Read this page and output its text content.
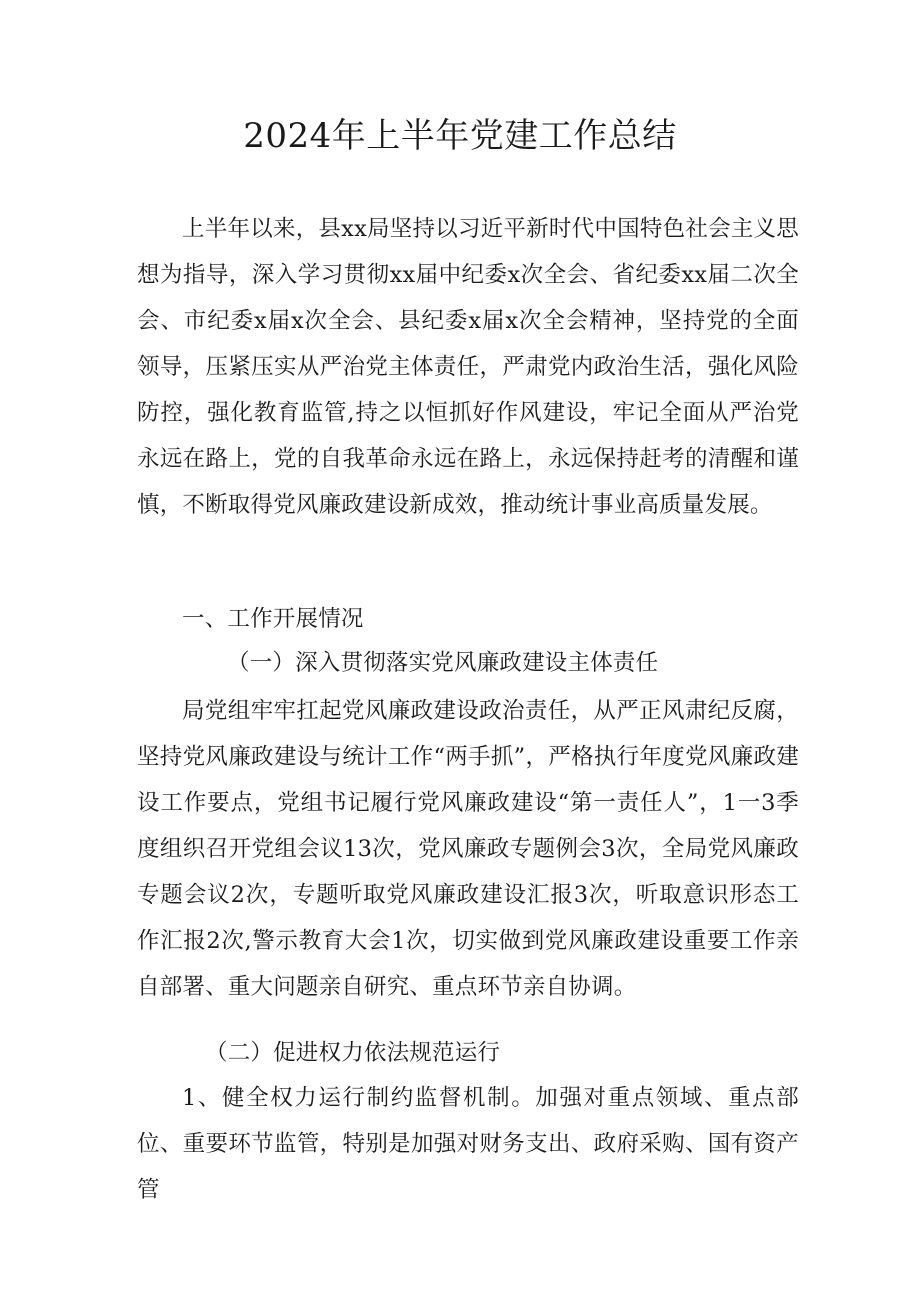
2024年上半年党建工作总结

上半年以来，县xx局坚持以习近平新时代中国特色社会主义思想为指导，深入学习贯彻xx届中纪委x次全会、省纪委xx届二次全会、市纪委x届x次全会、县纪委x届x次全会精神，坚持党的全面领导，压紧压实从严治党主体责任，严肃党内政治生活，强化风险防控，强化教育监管,持之以恒抓好作风建设，牢记全面从严治党永远在路上，党的自我革命永远在路上，永远保持赶考的清醒和谨慎，不断取得党风廉政建设新成效，推动统计事业高质量发展。

一、工作开展情况

（一）深入贯彻落实党风廉政建设主体责任

局党组牢牢扛起党风廉政建设政治责任，从严正风肃纪反腐，坚持党风廉政建设与统计工作“两手抓”，严格执行年度党风廉政建设工作要点，党组书记履行党风廉政建设“第一责任人”，1一3季度组织召开党组会议13次，党风廉政专题例会3次，全局党风廉政专题会议2次，专题听取党风廉政建设汇报3次，听取意识形态工作汇报2次,警示教育大会1次，切实做到党风廉政建设重要工作亲自部署、重大问题亲自研究、重点环节亲自协调。

（二）促进权力依法规范运行

1、健全权力运行制约监督机制。加强对重点领域、重点部位、重要环节监管，特别是加强对财务支出、政府采购、国有资产管
